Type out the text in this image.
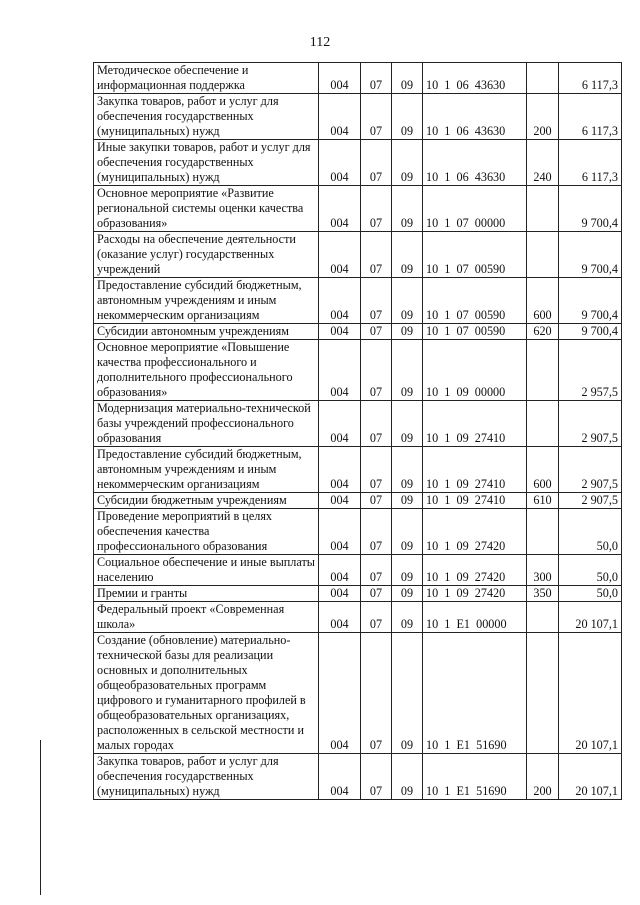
112
Методическое обеспечение и информационная поддержка	004	07	09	10  1  06  43630		6 117,3
Закупка товаров, работ и услуг для обеспечения государственных (муниципальных) нужд	004	07	09	10  1  06  43630	200	6 117,3
Иные закупки товаров, работ и услуг для обеспечения государственных (муниципальных) нужд	004	07	09	10  1  06  43630	240	6 117,3
Основное мероприятие «Развитие региональной системы оценки качества образования»	004	07	09	10  1  07  00000		9 700,4
Расходы на обеспечение деятельности (оказание услуг) государственных учреждений	004	07	09	10  1  07  00590		9 700,4
Предоставление субсидий бюджетным, автономным учреждениям и иным некоммерческим организациям	004	07	09	10  1  07  00590	600	9 700,4
Субсидии автономным учреждениям	004	07	09	10  1  07  00590	620	9 700,4
Основное мероприятие «Повышение качества профессионального и дополнительного профессионального образования»	004	07	09	10  1  09  00000		2 957,5
Модернизация материально-технической базы учреждений профессионального образования	004	07	09	10  1  09  27410		2 907,5
Предоставление субсидий бюджетным, автономным учреждениям и иным некоммерческим организациям	004	07	09	10  1  09  27410	600	2 907,5
Субсидии бюджетным учреждениям	004	07	09	10  1  09  27410	610	2 907,5
Проведение мероприятий в целях обеспечения качества профессионального образования	004	07	09	10  1  09  27420		50,0
Социальное обеспечение и иные выплаты населению	004	07	09	10  1  09  27420	300	50,0
Премии и гранты	004	07	09	10  1  09  27420	350	50,0
Федеральный проект «Современная школа»	004	07	09	10  1  E1  00000		20 107,1
Создание (обновление) материально-технической базы для реализации основных и дополнительных общеобразовательных программ цифрового и гуманитарного профилей в общеобразовательных организациях, расположенных в сельской местности и малых городах	004	07	09	10  1  E1  51690		20 107,1
Закупка товаров, работ и услуг для обеспечения государственных (муниципальных) нужд	004	07	09	10  1  E1  51690	200	20 107,1
